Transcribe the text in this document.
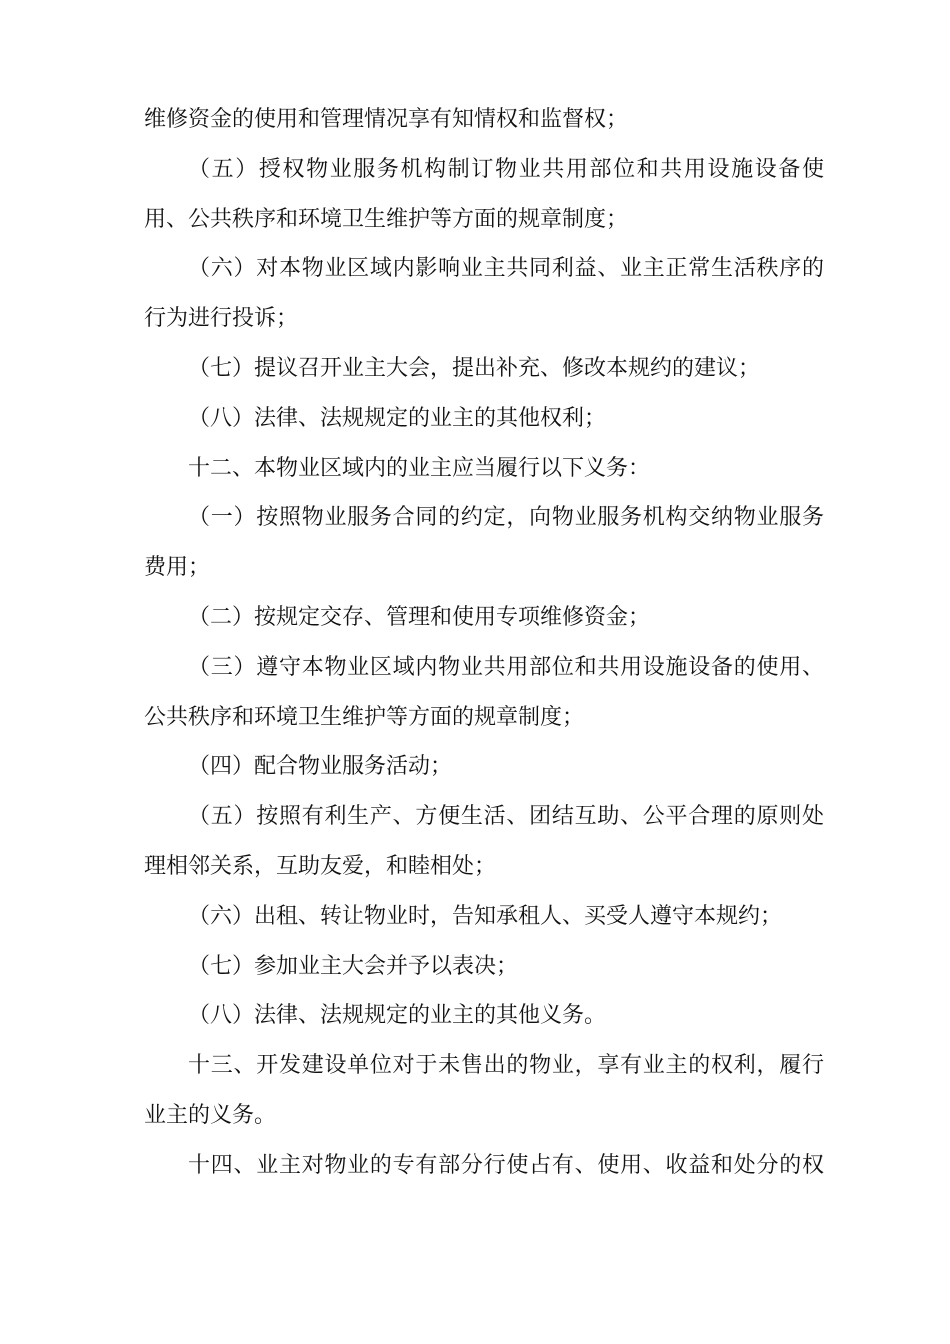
维修资金的使用和管理情况享有知情权和监督权；
（五）授权物业服务机构制订物业共用部位和共用设施设备使
用、公共秩序和环境卫生维护等方面的规章制度；
（六）对本物业区域内影响业主共同利益、业主正常生活秩序的
行为进行投诉；
（七）提议召开业主大会，提出补充、修改本规约的建议；
（八）法律、法规规定的业主的其他权利；
十二、本物业区域内的业主应当履行以下义务：
（一）按照物业服务合同的约定，向物业服务机构交纳物业服务
费用；
（二）按规定交存、管理和使用专项维修资金；
（三）遵守本物业区域内物业共用部位和共用设施设备的使用、
公共秩序和环境卫生维护等方面的规章制度；
（四）配合物业服务活动；
（五）按照有利生产、方便生活、团结互助、公平合理的原则处
理相邻关系，互助友爱，和睦相处；
（六）出租、转让物业时，告知承租人、买受人遵守本规约；
（七）参加业主大会并予以表决；
（八）法律、法规规定的业主的其他义务。
十三、开发建设单位对于未售出的物业，享有业主的权利，履行
业主的义务。
十四、业主对物业的专有部分行使占有、使用、收益和处分的权
